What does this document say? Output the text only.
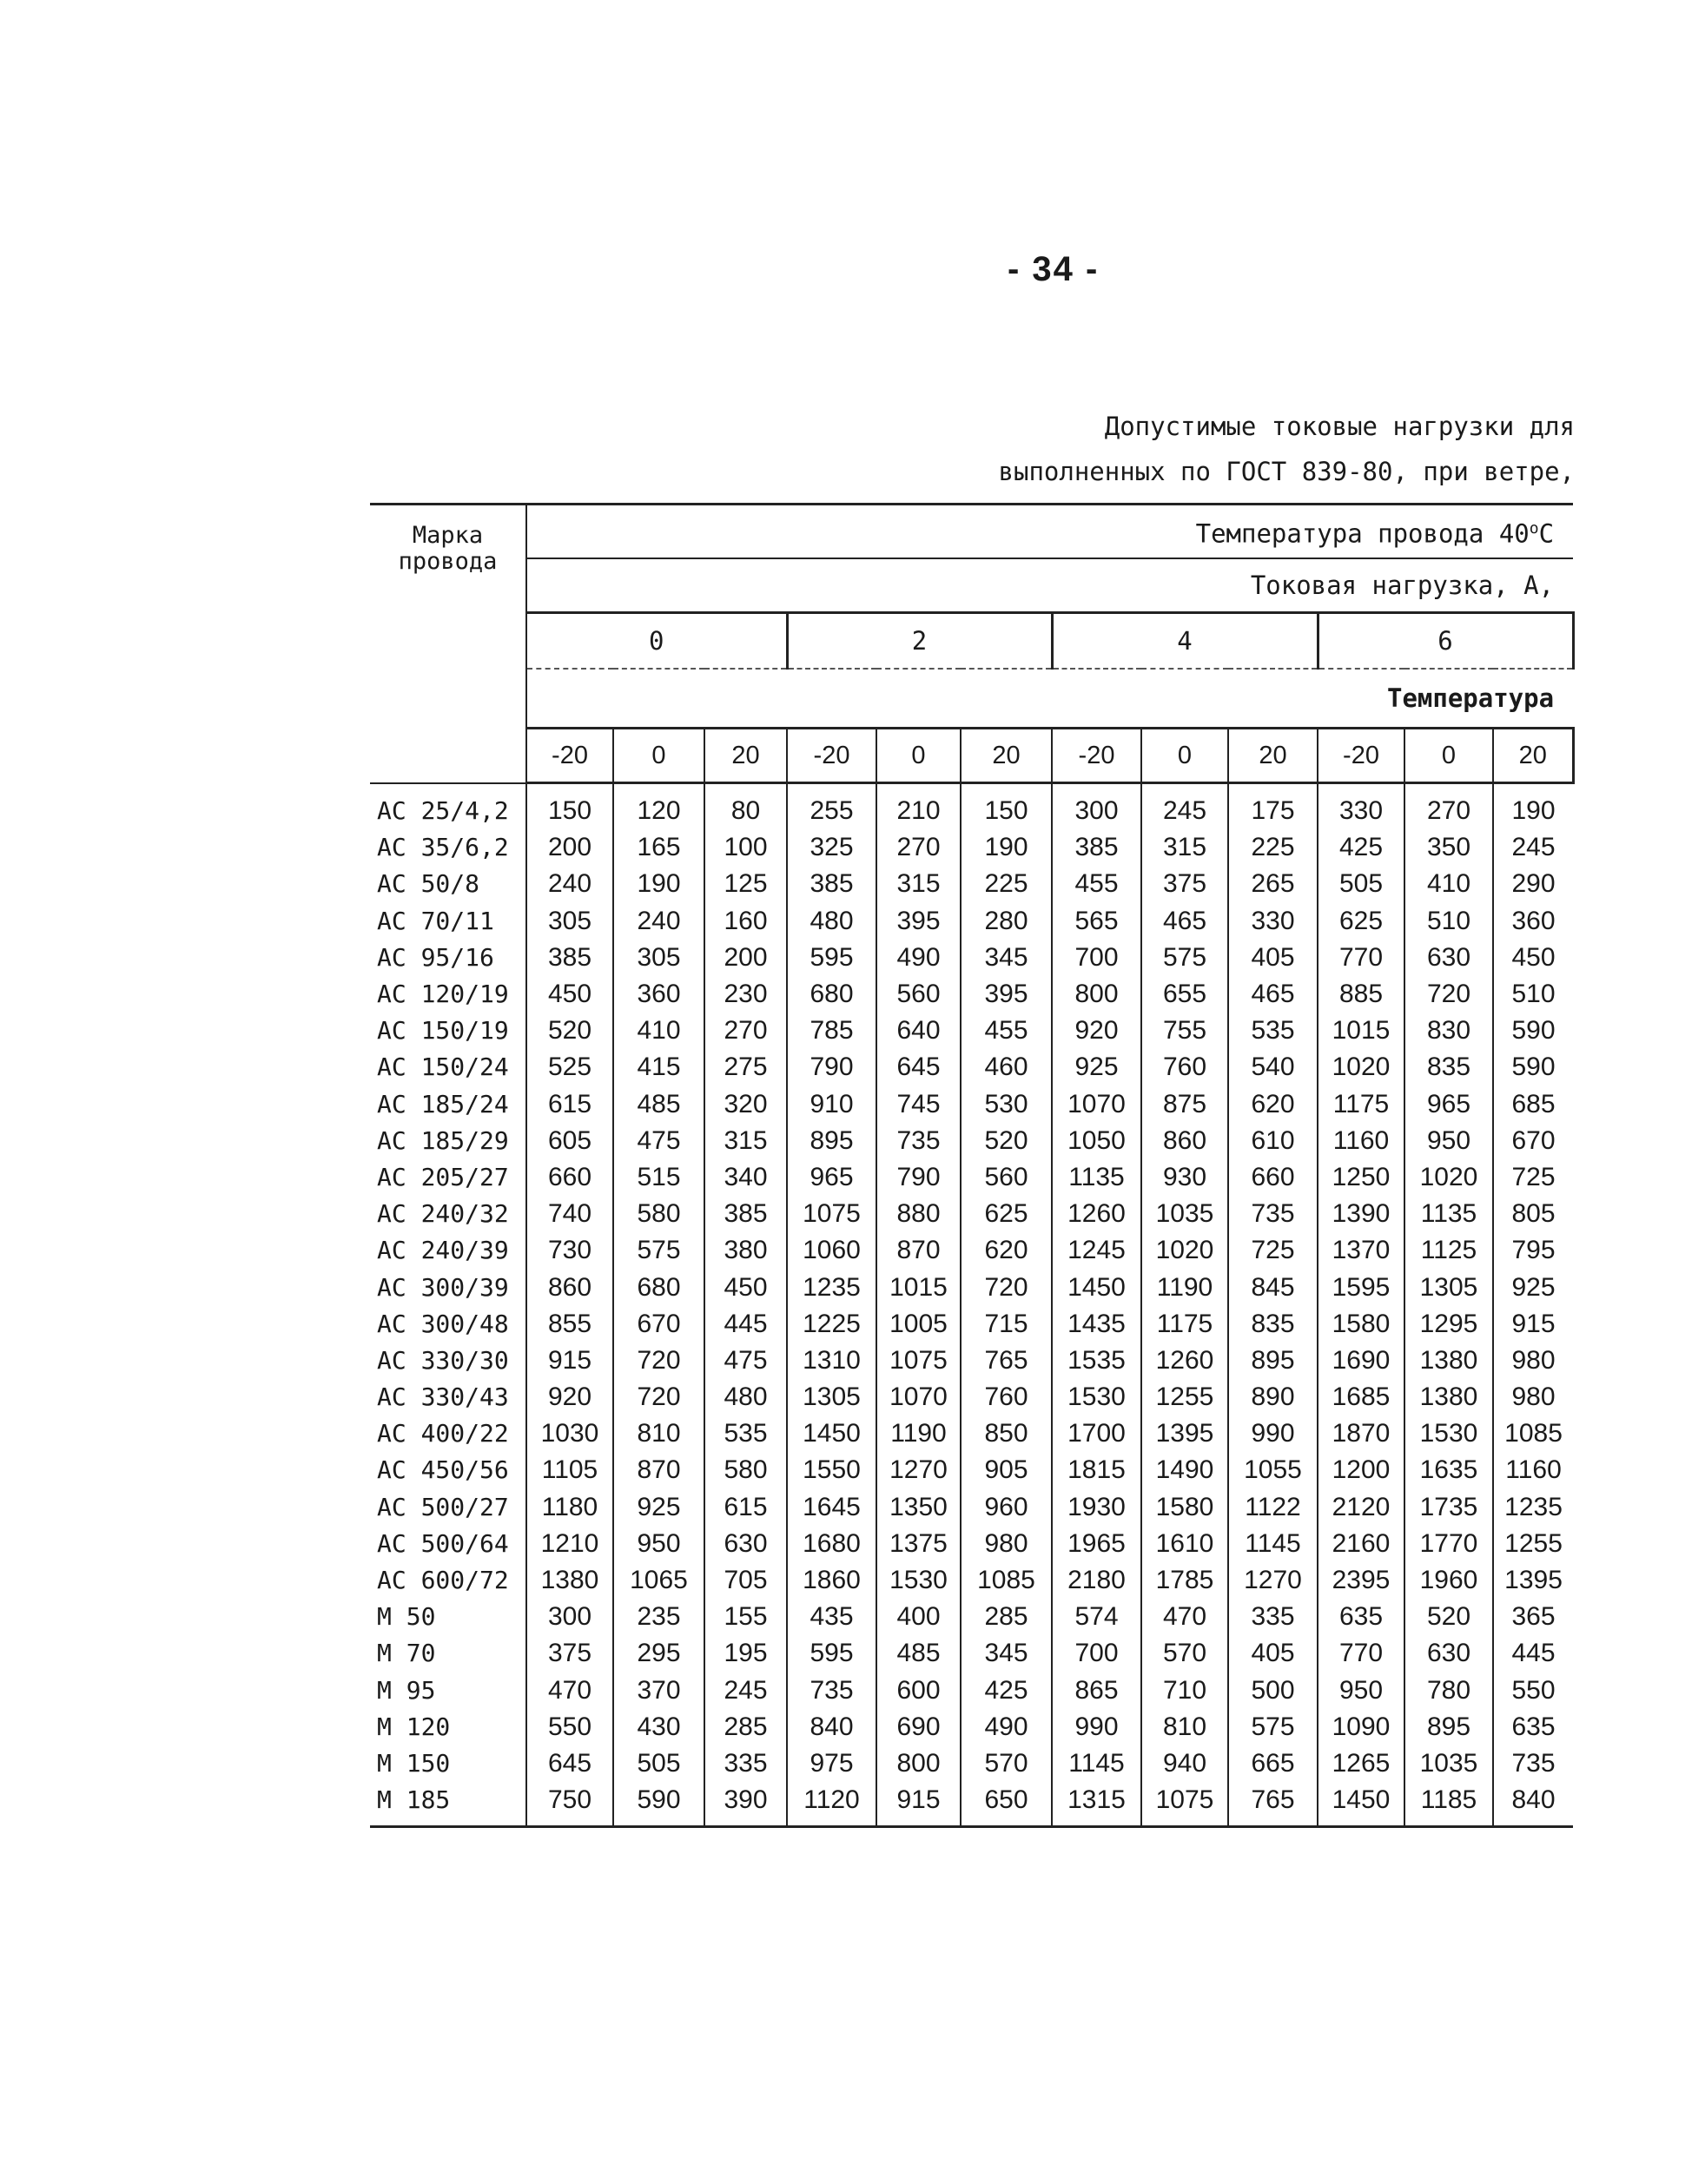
- 34 -
Допустимые токовые нагрузки для
выполненных по ГОСТ 839-80, при ветре,
Марка
провода	Температура провода 40$^o$С											
	Токовая нагрузка, А,											
	0			2			4			6		
	Температура											
	-20	0	20	-20	0	20	-20	0	20	-20	0	20
АС 25/4,2	150	120	80	255	210	150	300	245	175	330	270	190
АС 35/6,2	200	165	100	325	270	190	385	315	225	425	350	245
АС 50/8	240	190	125	385	315	225	455	375	265	505	410	290
АС 70/11	305	240	160	480	395	280	565	465	330	625	510	360
АС 95/16	385	305	200	595	490	345	700	575	405	770	630	450
АС 120/19	450	360	230	680	560	395	800	655	465	885	720	510
АС 150/19	520	410	270	785	640	455	920	755	535	1015	830	590
АС 150/24	525	415	275	790	645	460	925	760	540	1020	835	590
АС 185/24	615	485	320	910	745	530	1070	875	620	1175	965	685
АС 185/29	605	475	315	895	735	520	1050	860	610	1160	950	670
АС 205/27	660	515	340	965	790	560	1135	930	660	1250	1020	725
АС 240/32	740	580	385	1075	880	625	1260	1035	735	1390	1135	805
АС 240/39	730	575	380	1060	870	620	1245	1020	725	1370	1125	795
АС 300/39	860	680	450	1235	1015	720	1450	1190	845	1595	1305	925
АС 300/48	855	670	445	1225	1005	715	1435	1175	835	1580	1295	915
АС 330/30	915	720	475	1310	1075	765	1535	1260	895	1690	1380	980
АС 330/43	920	720	480	1305	1070	760	1530	1255	890	1685	1380	980
АС 400/22	1030	810	535	1450	1190	850	1700	1395	990	1870	1530	1085
АС 450/56	1105	870	580	1550	1270	905	1815	1490	1055	1200	1635	1160
АС 500/27	1180	925	615	1645	1350	960	1930	1580	1122	2120	1735	1235
АС 500/64	1210	950	630	1680	1375	980	1965	1610	1145	2160	1770	1255
АС 600/72	1380	1065	705	1860	1530	1085	2180	1785	1270	2395	1960	1395
М 50	300	235	155	435	400	285	574	470	335	635	520	365
М 70	375	295	195	595	485	345	700	570	405	770	630	445
М 95	470	370	245	735	600	425	865	710	500	950	780	550
М 120	550	430	285	840	690	490	990	810	575	1090	895	635
М 150	645	505	335	975	800	570	1145	940	665	1265	1035	735
М 185	750	590	390	1120	915	650	1315	1075	765	1450	1185	840
